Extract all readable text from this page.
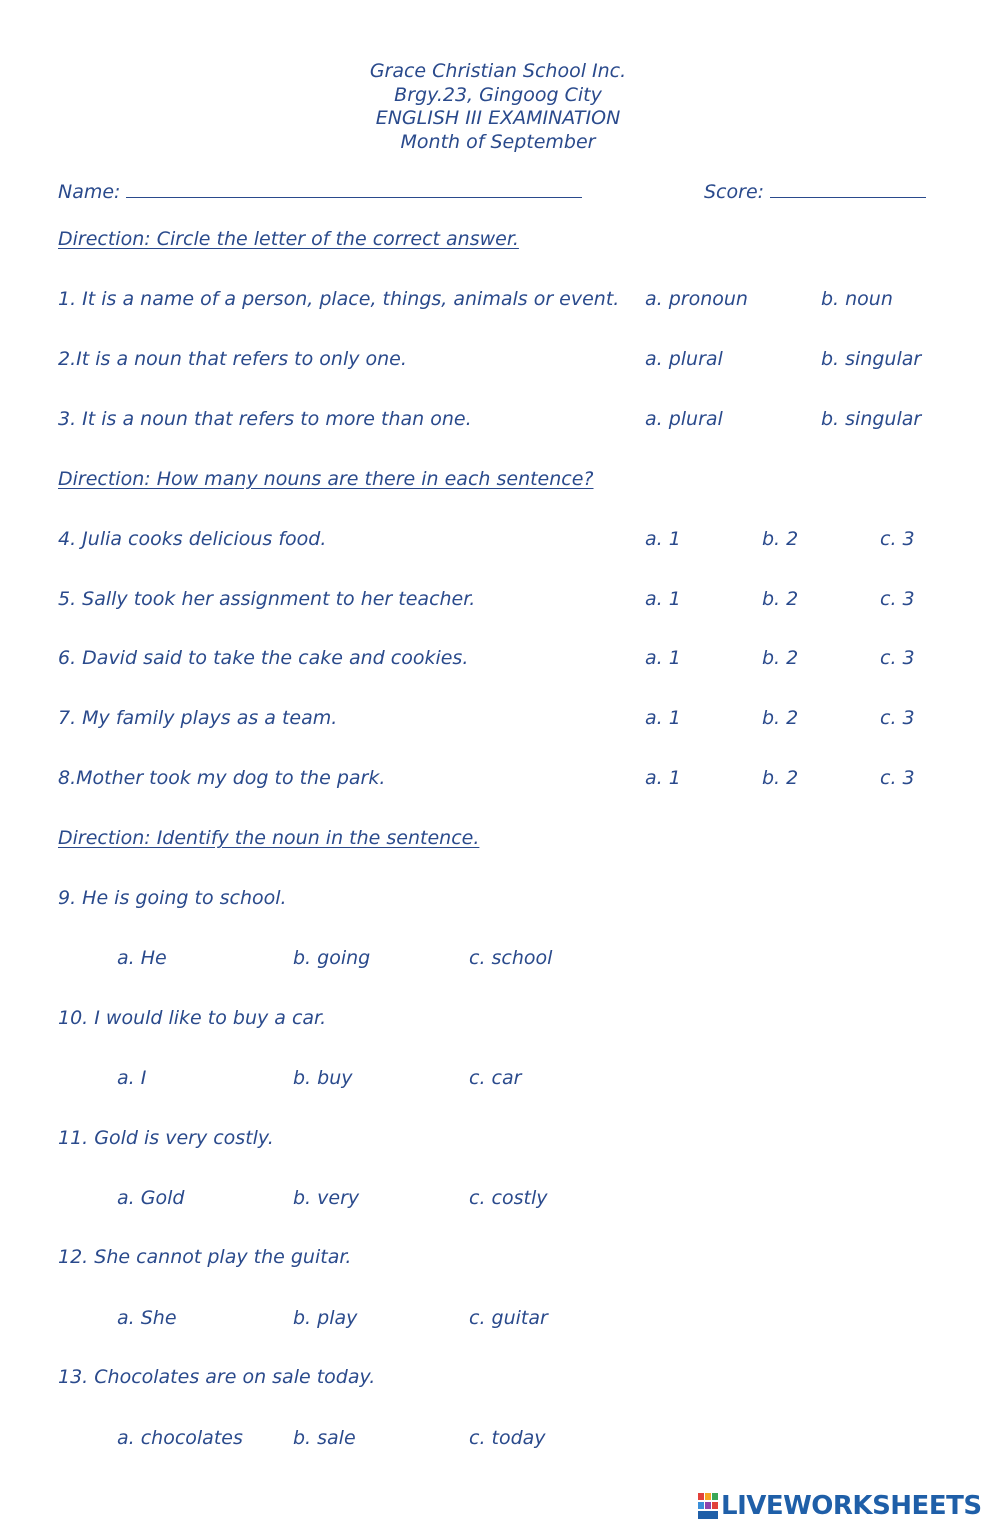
Grace Christian School Inc.
Brgy.23, Gingoog City
ENGLISH III EXAMINATION
Month of September
Name:	Score:
Direction: Circle the letter of the correct answer.
1. It is a name of a person, place, things, animals or event. a. pronoun	b. noun
2.It is a noun that refers to only one.	a. plural	b. singular
3. It is a noun that refers to more than one.	a. plural	b. singular
Direction: How many nouns are there in each sentence?
4. Julia cooks delicious food.	a. 1	b. 2	c. 3
5. Sally took her assignment to her teacher.	a. 1	b. 2	c. 3
6. David said to take the cake and cookies.	a. 1	b. 2	c. 3
7. My family plays as a team.	a. 1	b. 2	c. 3
8.Mother took my dog to the park.	a. 1	b. 2	c. 3
Direction: Identify the noun in the sentence.
9. He is going to school.
a. He	b. going	c. school
10. I would like to buy a car.
a. I	b. buy	c. car
11. Gold is very costly.
a. Gold	b. very	c. costly
12. She cannot play the guitar.
a. She	b. play	c. guitar
13. Chocolates are on sale today.
a. chocolates	b. sale	c. today
LIVEWORKSHEETS
